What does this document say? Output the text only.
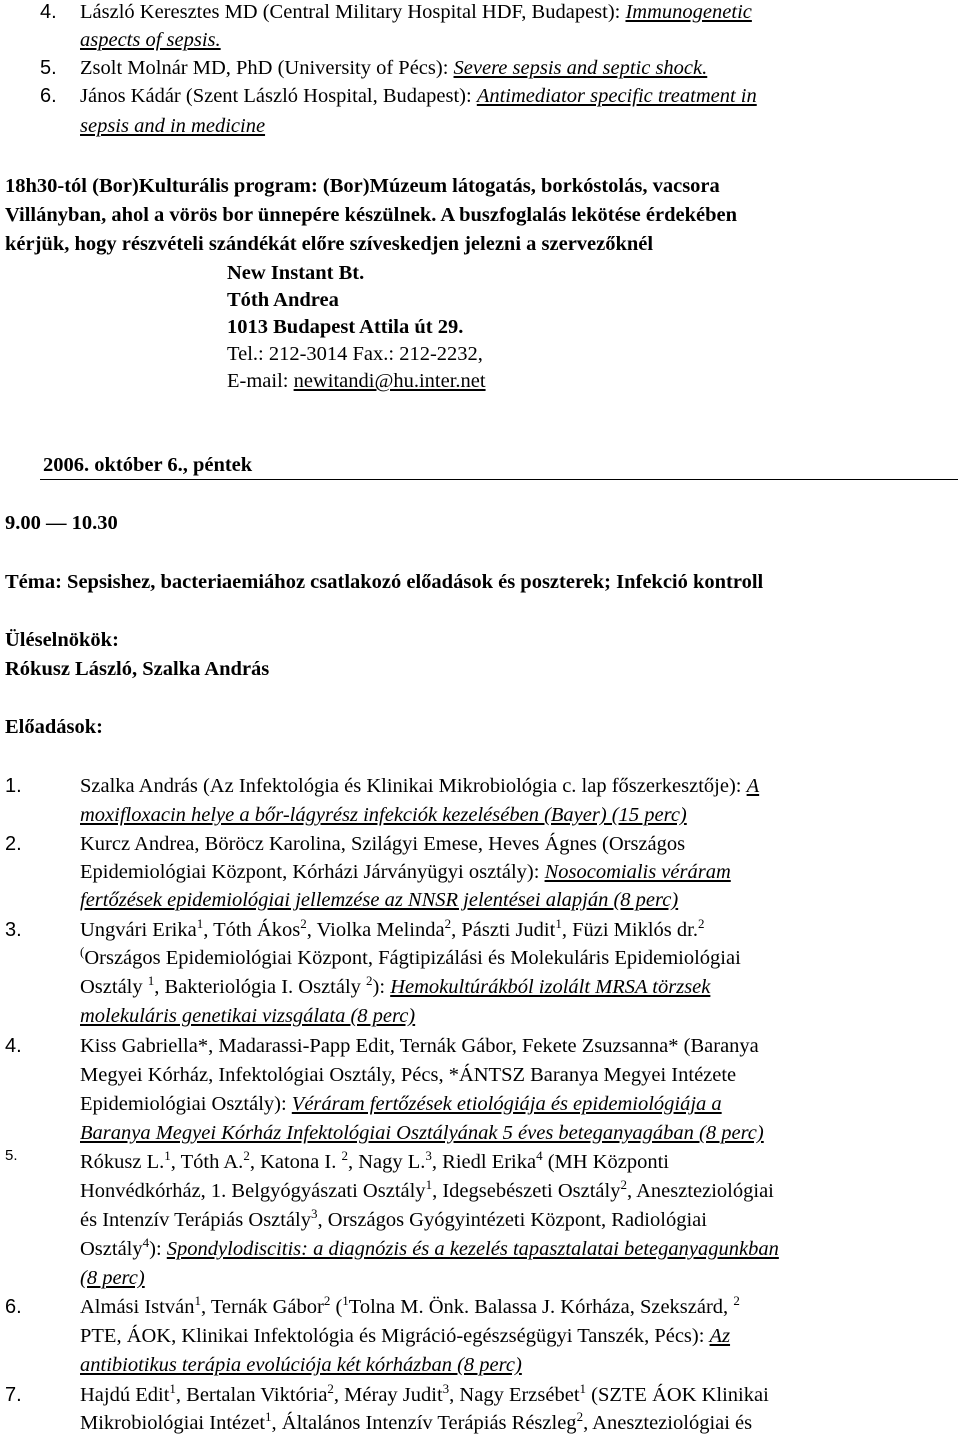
4. László Keresztes MD (Central Military Hospital HDF, Budapest): Immunogenetic
aspects of sepsis.
5. Zsolt Molnár MD, PhD (University of Pécs): Severe sepsis and septic shock.
6. János Kádár (Szent László Hospital, Budapest): Antimediator specific treatment in
sepsis and in medicine
18h30-tól (Bor)Kulturális program: (Bor)Múzeum látogatás, borkóstolás, vacsora
Villányban, ahol a vörös bor ünnepére készülnek. A buszfoglalás lekötése érdekében
kérjük, hogy részvételi szándékát előre szíveskedjen jelezni a szervezőknél
New Instant Bt.
Tóth Andrea
1013 Budapest Attila út 29.
Tel.: 212-3014 Fax.: 212-2232,
E-mail: newitandi@hu.inter.net
2006. október 6., péntek
9.00 — 10.30
Téma: Sepsishez, bacteriaemiához csatlakozó előadások és poszterek; Infekció kontroll
Üléselnökök:
Rókusz László, Szalka András
Előadások:
1.	Szalka András (Az Infektológia és Klinikai Mikrobiológia c. lap főszerkesztője): A
moxifloxacin helye a bőr-lágyrész infekciók kezelésében (Bayer) (15 perc)
2.	Kurcz Andrea, Böröcz Karolina, Szilágyi Emese, Heves Ágnes (Országos
Epidemiológiai Központ, Kórházi Járványügyi osztály): Nosocomialis véráram
fertőzések epidemiológiai jellemzése az NNSR jelentései alapján (8 perc)
3.	Ungvári Erika$^1$, Tóth Ákos$^2$, Violka Melinda$^2$, Pászti Judit$^1$, Füzi Miklós dr.$^2$
(Országos Epidemiológiai Központ, Fágtipizálási és Molekuláris Epidemiológiai
Osztály $^1$, Bakteriológia I. Osztály $^2$): Hemokultúrákból izolált MRSA törzsek
molekuláris genetikai vizsgálata (8 perc)
4.	Kiss Gabriella*, Madarassi-Papp Edit, Ternák Gábor, Fekete Zsuzsanna* (Baranya
Megyei Kórház, Infektológiai Osztály, Pécs, *ÁNTSZ Baranya Megyei Intézete
Epidemiológiai Osztály): Véráram fertőzések etiológiája és epidemiológiája a
Baranya Megyei Kórház Infektológiai Osztályának 5 éves beteganyagában (8 perc)
5.	Rókusz L.$^1$, Tóth A.$^2$, Katona I. $^2$, Nagy L.$^3$, Riedl Erika$^4$ (MH Központi
Honvédkórház, 1. Belgyógyászati Osztály$^1$, Idegsebészeti Osztály$^2$, Aneszteziológiai
és Intenzív Terápiás Osztály$^3$, Országos Gyógyintézeti Központ, Radiológiai
Osztály$^4$): Spondylodiscitis: a diagnózis és a kezelés tapasztalatai beteganyagunkban
(8 perc)
6.	Almási István$^1$, Ternák Gábor$^2$ ($^1$Tolna M. Önk. Balassa J. Kórháza, Szekszárd, $^2$
PTE, ÁOK, Klinikai Infektológia és Migráció-egészségügyi Tanszék, Pécs): Az
antibiotikus terápia evolúciója két kórházban (8 perc)
7.	Hajdú Edit$^1$, Bertalan Viktória$^2$, Méray Judit$^3$, Nagy Erzsébet$^1$ (SZTE ÁOK Klinikai
Mikrobiológiai Intézet$^1$, Általános Intenzív Terápiás Részleg$^2$, Aneszteziológiai és
